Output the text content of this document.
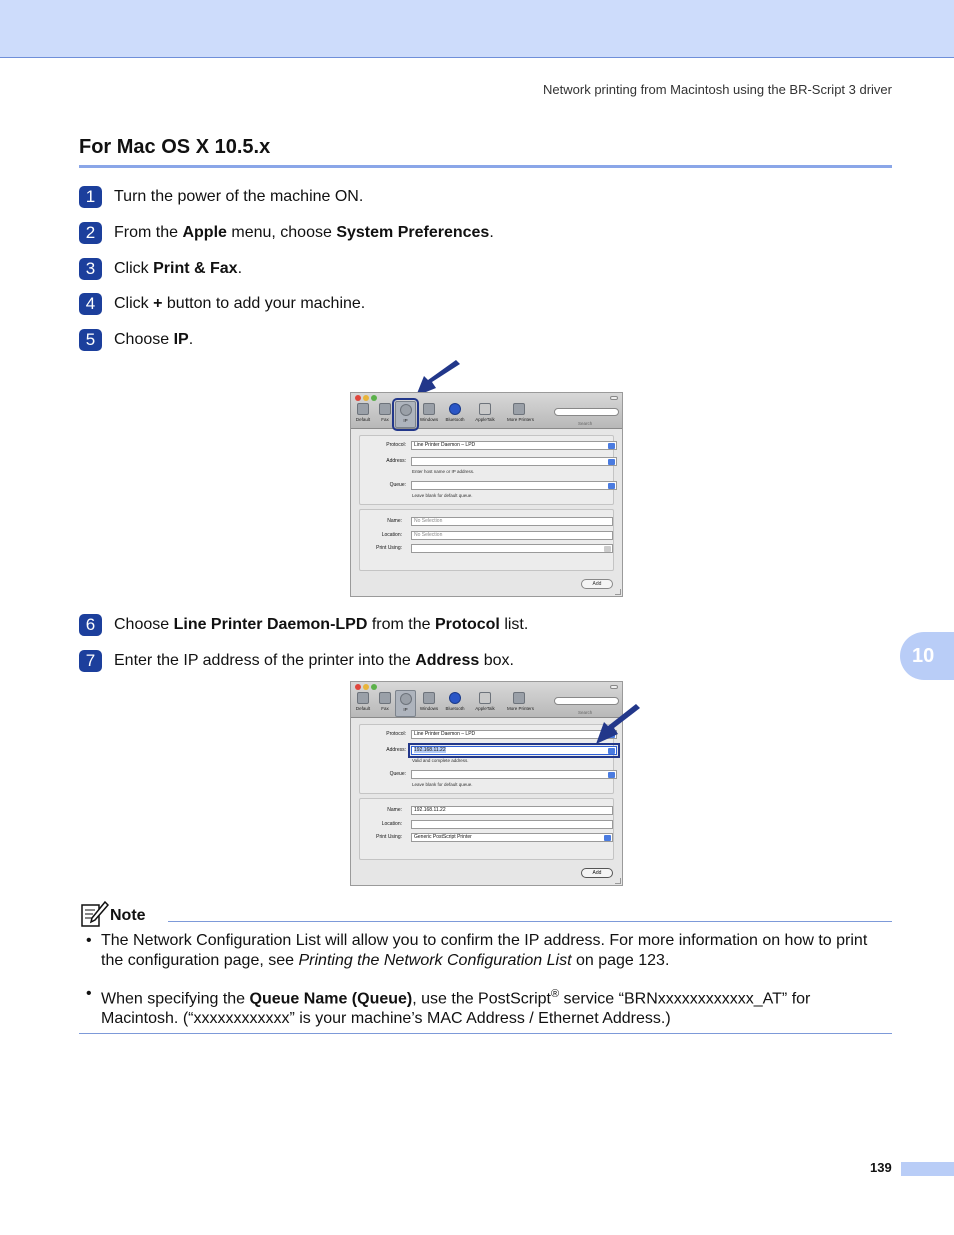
Network printing from Macintosh using the BR-Script 3 driver
For Mac OS X 10.5.x
1	Turn the power of the machine ON.
2	From the Apple menu, choose System Preferences.
3	Click Print & Fax.
4	Click + button to add your machine.
5	Choose IP.
Default	Fax	IP	Windows	Bluetooth	AppleTalk	More Printers
Search
Protocol:	Line Printer Daemon – LPD
Address:
Enter host name or IP address.
Queue:
Leave blank for default queue.
Name:	No Selection
Location:	No Selection
Print Using:
Add
6	Choose Line Printer Daemon-LPD from the Protocol list.
7	Enter the IP address of the printer into the Address box.	10
Default	Fax	IP	Windows	Bluetooth	AppleTalk	More Printers
Search
Protocol:	Line Printer Daemon – LPD
Address:	192.168.11.22
Valid and complete address.
Queue:
Leave blank for default queue.
Name:	192.168.11.22
Location:
Print Using:	Generic PostScript Printer
Add
Note
• The Network Configuration List will allow you to confirm the IP address. For more information on how to print the configuration page, see Printing the Network Configuration List on page 123.
• When specifying the Queue Name (Queue), use the PostScript® service “BRNxxxxxxxxxxxx_AT” for Macintosh. (“xxxxxxxxxxxx” is your machine’s MAC Address / Ethernet Address.)
139
